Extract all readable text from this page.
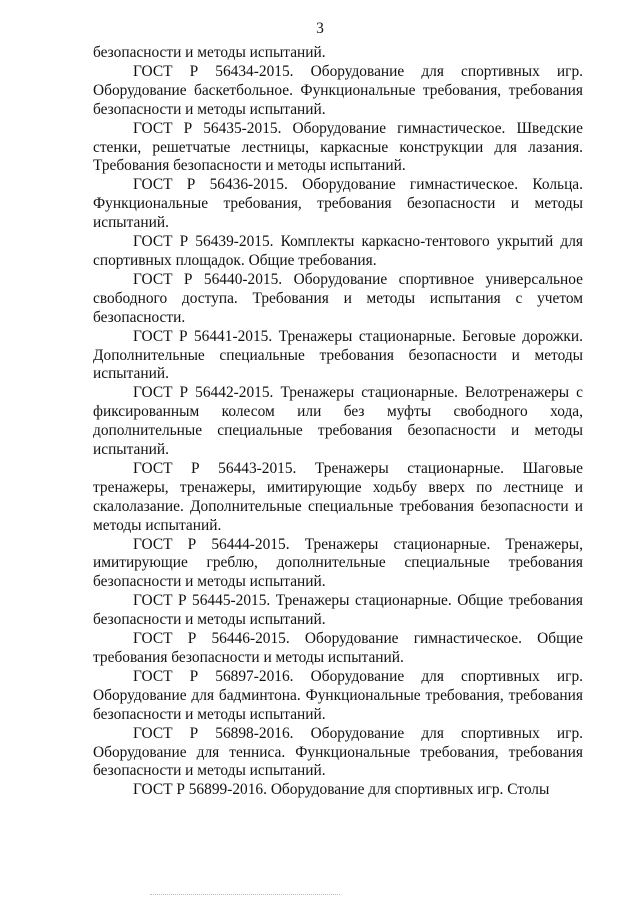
3

безопасности и методы испытаний.

ГОСТ Р 56434-2015. Оборудование для спортивных игр. Оборудование баскетбольное. Функциональные требования, требования безопасности и методы испытаний.

ГОСТ Р 56435-2015. Оборудование гимнастическое. Шведские стенки, решетчатые лестницы, каркасные конструкции для лазания. Требования безопасности и методы испытаний.

ГОСТ Р 56436-2015. Оборудование гимнастическое. Кольца. Функциональные требования, требования безопасности и методы испытаний.

ГОСТ Р 56439-2015. Комплекты каркасно-тентового укрытий для спортивных площадок. Общие требования.

ГОСТ Р 56440-2015. Оборудование спортивное универсальное свободного доступа. Требования и методы испытания с учетом безопасности.

ГОСТ Р 56441-2015. Тренажеры стационарные. Беговые дорожки. Дополнительные специальные требования безопасности и методы испытаний.

ГОСТ Р 56442-2015. Тренажеры стационарные. Велотренажеры с фиксированным колесом или без муфты свободного хода, дополнительные специальные требования безопасности и методы испытаний.

ГОСТ Р 56443-2015. Тренажеры стационарные. Шаговые тренажеры, тренажеры, имитирующие ходьбу вверх по лестнице и скалолазание. Дополнительные специальные требования безопасности и методы испытаний.

ГОСТ Р 56444-2015. Тренажеры стационарные. Тренажеры, имитирующие греблю, дополнительные специальные требования безопасности и методы испытаний.

ГОСТ Р 56445-2015. Тренажеры стационарные. Общие требования безопасности и методы испытаний.

ГОСТ Р 56446-2015. Оборудование гимнастическое. Общие требования безопасности и методы испытаний.

ГОСТ Р 56897-2016. Оборудование для спортивных игр. Оборудование для бадминтона. Функциональные требования, требования безопасности и методы испытаний.

ГОСТ Р 56898-2016. Оборудование для спортивных игр. Оборудование для тенниса. Функциональные требования, требования безопасности и методы испытаний.

ГОСТ Р 56899-2016. Оборудование для спортивных игр. Столы
